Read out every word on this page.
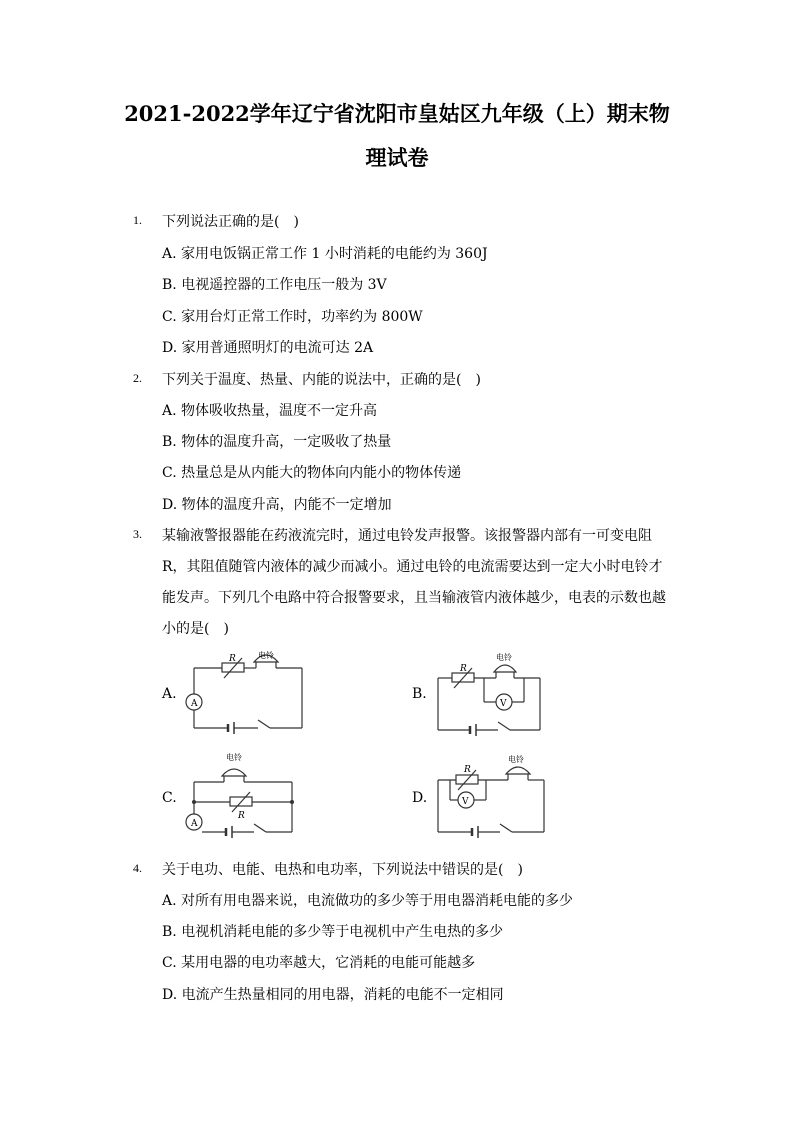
2021-2022学年辽宁省沈阳市皇姑区九年级（上）期末物
理试卷
1. 下列说法正确的是(　)
A. 家用电饭锅正常工作 1 小时消耗的电能约为 360J
B. 电视遥控器的工作电压一般为 3V
C. 家用台灯正常工作时，功率约为 800W
D. 家用普通照明灯的电流可达 2A
2. 下列关于温度、热量、内能的说法中，正确的是(　)
A. 物体吸收热量，温度不一定升高
B. 物体的温度升高，一定吸收了热量
C. 热量总是从内能大的物体向内能小的物体传递
D. 物体的温度升高，内能不一定增加
3. 某输液警报器能在药液流完时，通过电铃发声报警。该报警器内部有一可变电阻
R，其阻值随管内液体的减少而减小。通过电铃的电流需要达到一定大小时电铃才
能发声。下列几个电路中符合报警要求，且当输液管内液体越少，电表的示数也越
小的是(　)
A.	B.
C.	D.
R	电铃
A
R
电铃
V
电铃
R
A
R
电铃
V
4. 关于电功、电能、电热和电功率，下列说法中错误的是(　)
A. 对所有用电器来说，电流做功的多少等于用电器消耗电能的多少
B. 电视机消耗电能的多少等于电视机中产生电热的多少
C. 某用电器的电功率越大，它消耗的电能可能越多
D. 电流产生热量相同的用电器，消耗的电能不一定相同
